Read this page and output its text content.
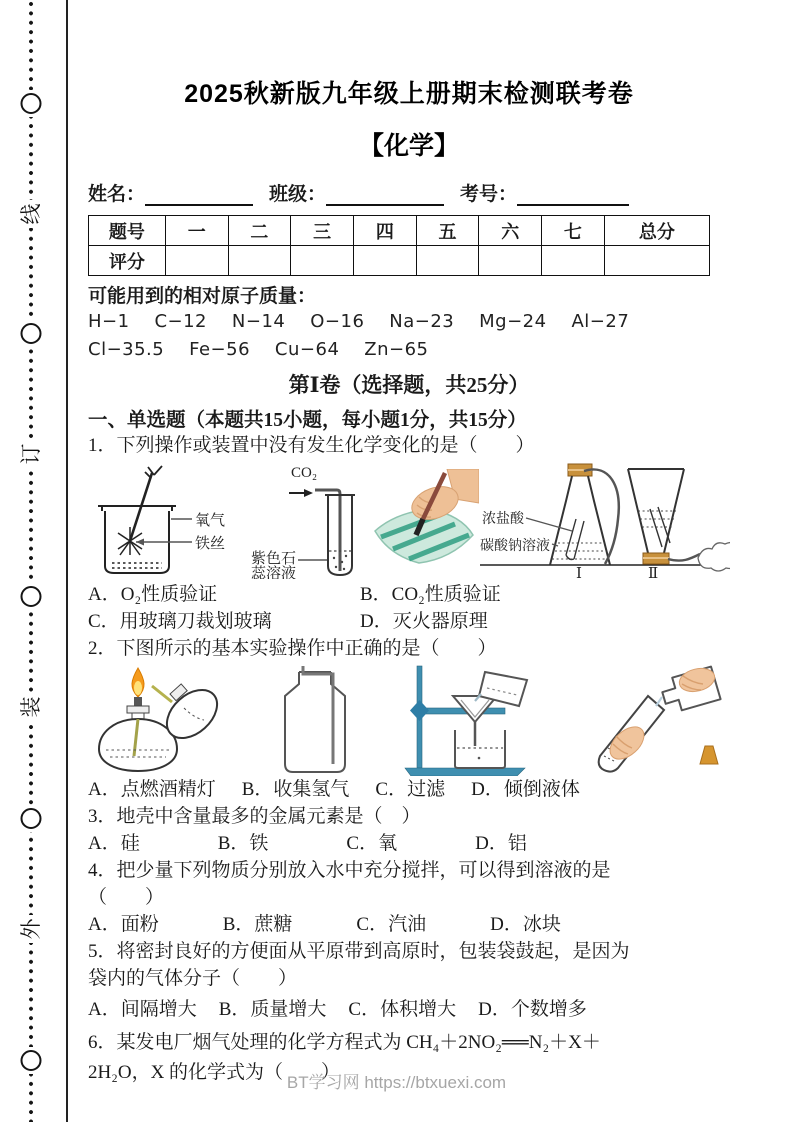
线
订
装
外
2025秋新版九年级上册期末检测联考卷
【化学】
姓名：	班级：	考号：
题号	一	二	三	四	五	六	七	总分
评分								
可能用到的相对原子质量：
H−1    C−12    N−14    O−16    Na−23    Mg−24    Al−27
Cl−35.5    Fe−56    Cu−64    Zn−65
第Ⅰ卷（选择题，共25分）
一、单选题（本题共15小题，每小题1分，共15分）
1．下列操作或装置中没有发生化学变化的是（　　）
氧气
铁丝
CO₂
紫色石
蕊溶液
浓盐酸
碳酸钠溶液
Ⅰ	Ⅱ
A．O₂性质验证	B．CO₂性质验证
C．用玻璃刀裁划玻璃	D．灭火器原理
2．下图所示的基本实验操作中正确的是（　　）
A．点燃酒精灯 B．收集氢气 C．过滤 D．倾倒液体
3．地壳中含量最多的金属元素是（　）
A．硅	B．铁	C．氧	D．铝
4．把少量下列物质分别放入水中充分搅拌，可以得到溶液的是
（　　）
A．面粉	B．蔗糖	C．汽油	D．冰块
5．将密封良好的方便面从平原带到高原时，包装袋鼓起，是因为
袋内的气体分子（　　）
A．间隔增大 B．质量增大 C．体积增大 D．个数增多
6．某发电厂烟气处理的化学方程式为 CH₄＋2NO₂══N₂＋X＋
2H₂O，X 的化学式为（　　）
BT学习网 https://btxuexi.com
